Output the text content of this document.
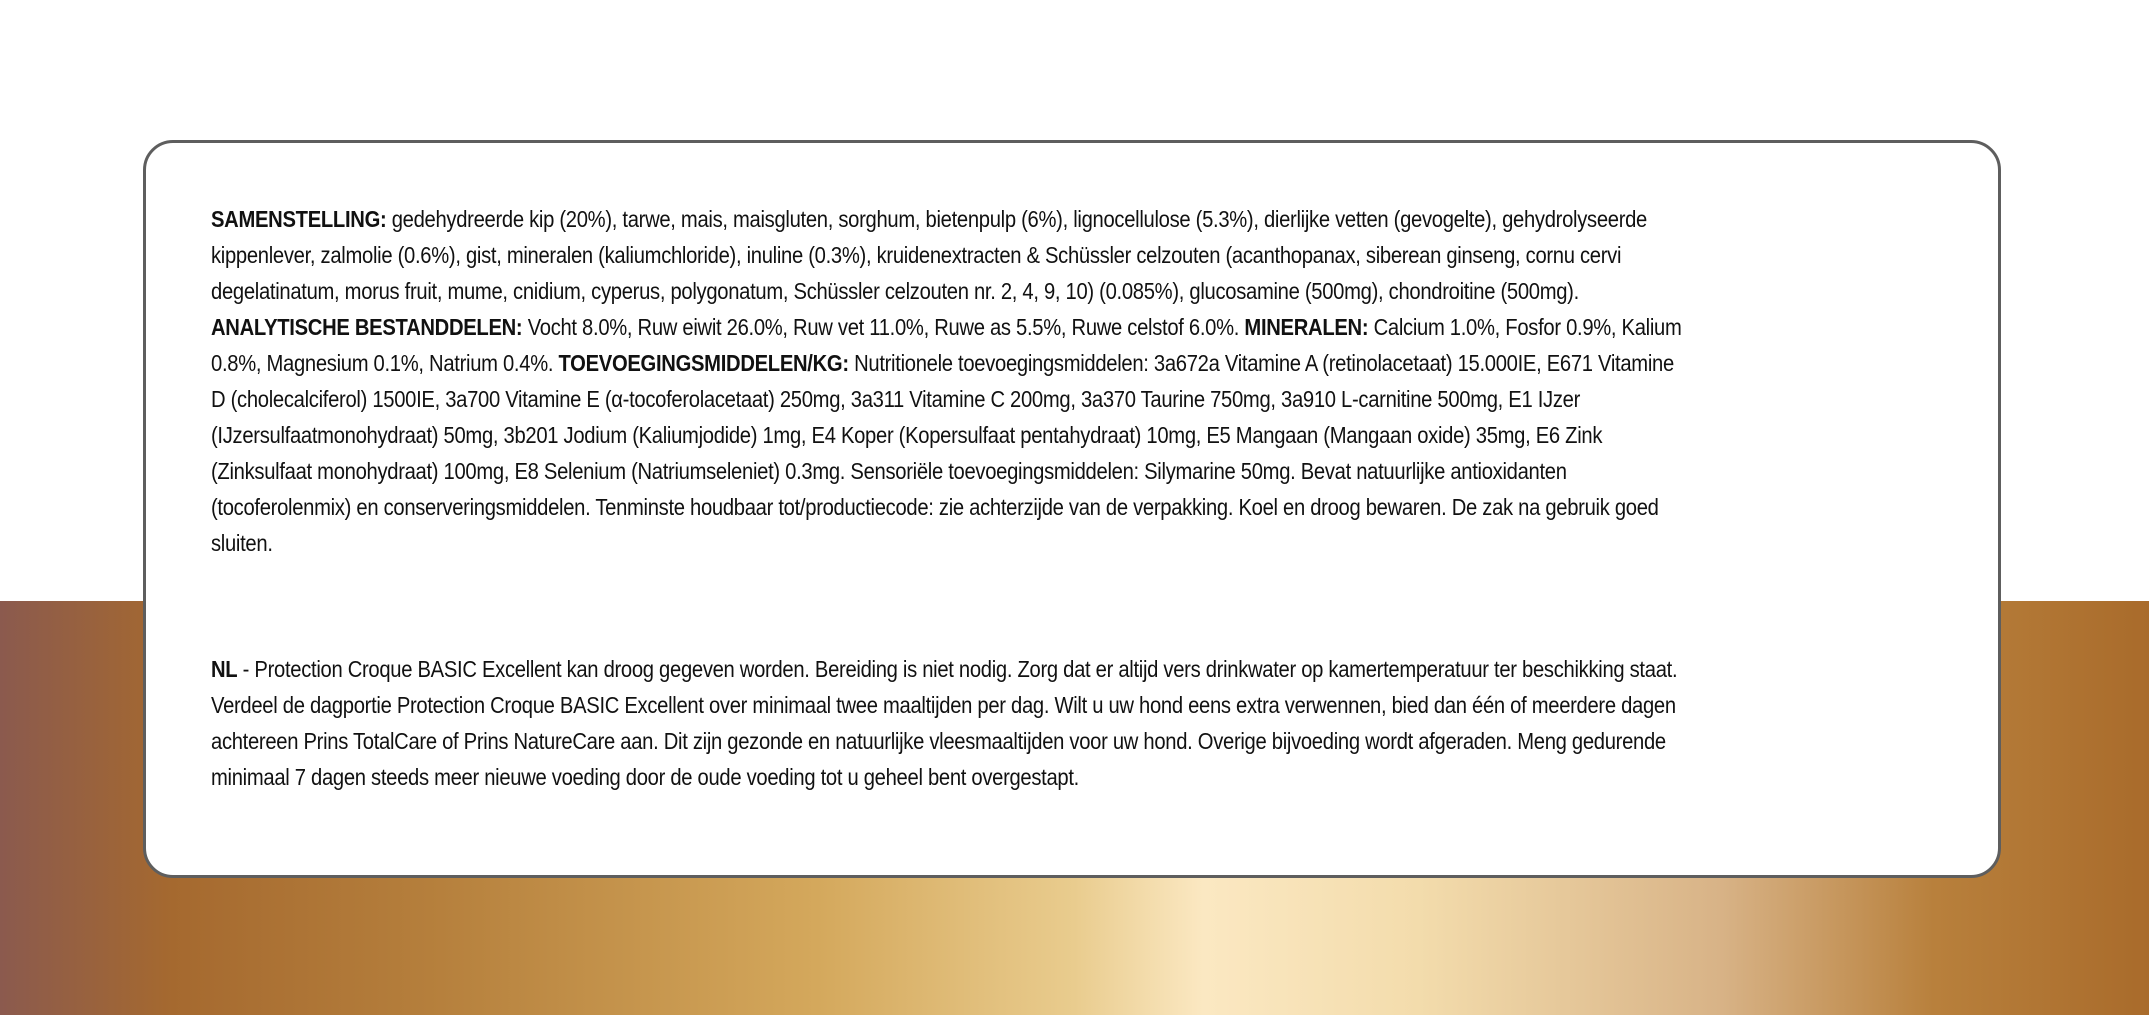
SAMENSTELLING: gedehydreerde kip (20%), tarwe, mais, maisgluten, sorghum, bietenpulp (6%), lignocellulose (5.3%), dierlijke vetten (gevogelte), gehydrolyseerde kippenlever, zalmolie (0.6%), gist, mineralen (kaliumchloride), inuline (0.3%), kruidenextracten & Schüssler celzouten (acanthopanax, siberean ginseng, cornu cervi degelatinatum, morus fruit, mume, cnidium, cyperus, polygonatum, Schüssler celzouten nr. 2, 4, 9, 10) (0.085%), glucosamine (500mg), chondroitine (500mg). ANALYTISCHE BESTANDDELEN: Vocht 8.0%, Ruw eiwit 26.0%, Ruw vet 11.0%, Ruwe as 5.5%, Ruwe celstof 6.0%. MINERALEN: Calcium 1.0%, Fosfor 0.9%, Kalium 0.8%, Magnesium 0.1%, Natrium 0.4%. TOEVOEGINGSMIDDELEN/KG: Nutritionele toevoegingsmiddelen: 3a672a Vitamine A (retinolacetaat) 15.000IE, E671 Vitamine D (cholecalciferol) 1500IE, 3a700 Vitamine E (α-tocoferolacetaat) 250mg, 3a311 Vitamine C 200mg, 3a370 Taurine 750mg, 3a910 L-carnitine 500mg, E1 IJzer (IJzersulfaatmonohydraat) 50mg, 3b201 Jodium (Kaliumjodide) 1mg, E4 Koper (Kopersulfaat pentahydraat) 10mg, E5 Mangaan (Mangaan oxide) 35mg, E6 Zink (Zinksulfaat monohydraat) 100mg, E8 Selenium (Natriumseleniet) 0.3mg. Sensoriële toevoegingsmiddelen: Silymarine 50mg. Bevat natuurlijke antioxidanten (tocoferolenmix) en conserveringsmiddelen. Tenminste houdbaar tot/productiecode: zie achterzijde van de verpakking. Koel en droog bewaren. De zak na gebruik goed sluiten.

NL - Protection Croque BASIC Excellent kan droog gegeven worden. Bereiding is niet nodig. Zorg dat er altijd vers drinkwater op kamertemperatuur ter beschikking staat. Verdeel de dagportie Protection Croque BASIC Excellent over minimaal twee maaltijden per dag. Wilt u uw hond eens extra verwennen, bied dan één of meerdere dagen achtereen Prins TotalCare of Prins NatureCare aan. Dit zijn gezonde en natuurlijke vleesmaaltijden voor uw hond. Overige bijvoeding wordt afgeraden. Meng gedurende minimaal 7 dagen steeds meer nieuwe voeding door de oude voeding tot u geheel bent overgestapt.
